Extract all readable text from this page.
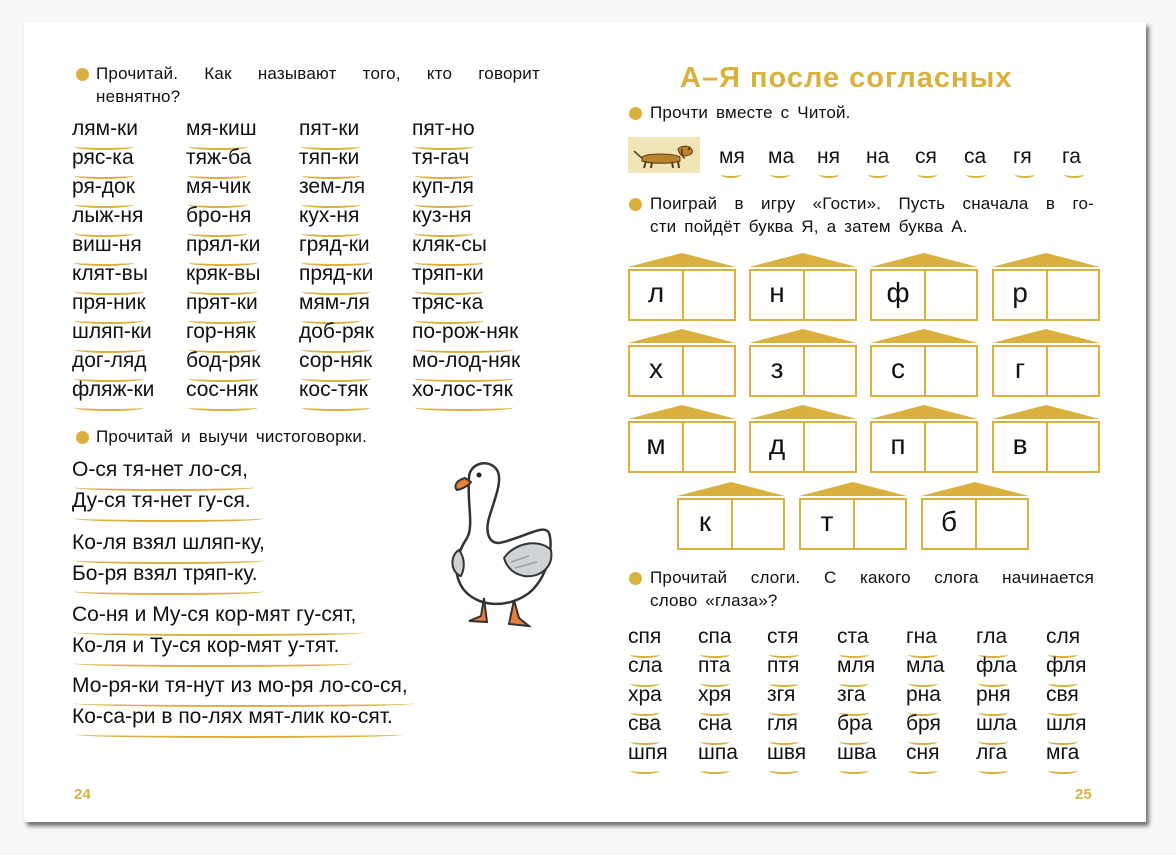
Прочитай. Как называют того, кто говорит
невнятно?
лям-ки мя-киш пят-ки	пят-но
ряс-ка тяж-ба тяп-ки	тя-гач
ря-док мя-чик зем-ля куп-ля
лыж-ня бро-ня кух-ня	куз-ня
виш-ня прял-ки гряд-ки кляк-сы
клят-вы кряк-вы пряд-ки тряп-ки
пря-ник прят-ки мям-ля тряс-ка
шляп-ки гор-няк доб-ряк по-рож-няк
дог-ляд бод-ряк сор-няк мо-лод-няк
фляж-ки сос-няк кос-тяк хо-лос-тяк
Прочитай и выучи чистоговорки.
О-ся тя-нет ло-ся,
Ду-ся тя-нет гу-ся.
Ко-ля взял шляп-ку,
Бо-ря взял тряп-ку.
Со-ня и Му-ся кор-мят гу-сят,
Ко-ля и Ту-ся кор-мят у-тят.
Мо-ря-ки тя-нут из мо-ря ло-со-ся,
Ко-са-ри в по-лях мят-лик ко-сят.
24
А–Я после согласных
Прочти вместе с Читой.
мя ма ня на ся са гя га
Поиграй в игру «Гости». Пусть сначала в го-
сти пойдёт буква Я, а затем буква А.
л	н	ф	р
х	з	с	г
м	д	п	в
к	т	б
Прочитай слоги. С какого слога начинается
слово «глаза»?
спя спа стя ста гна гла сля
сла пта птя мля мла фла фля
хра хря згя зга рна рня свя
сва сна гля бра бря шла шля
шпя шпа швя шва сня лга мга
25
